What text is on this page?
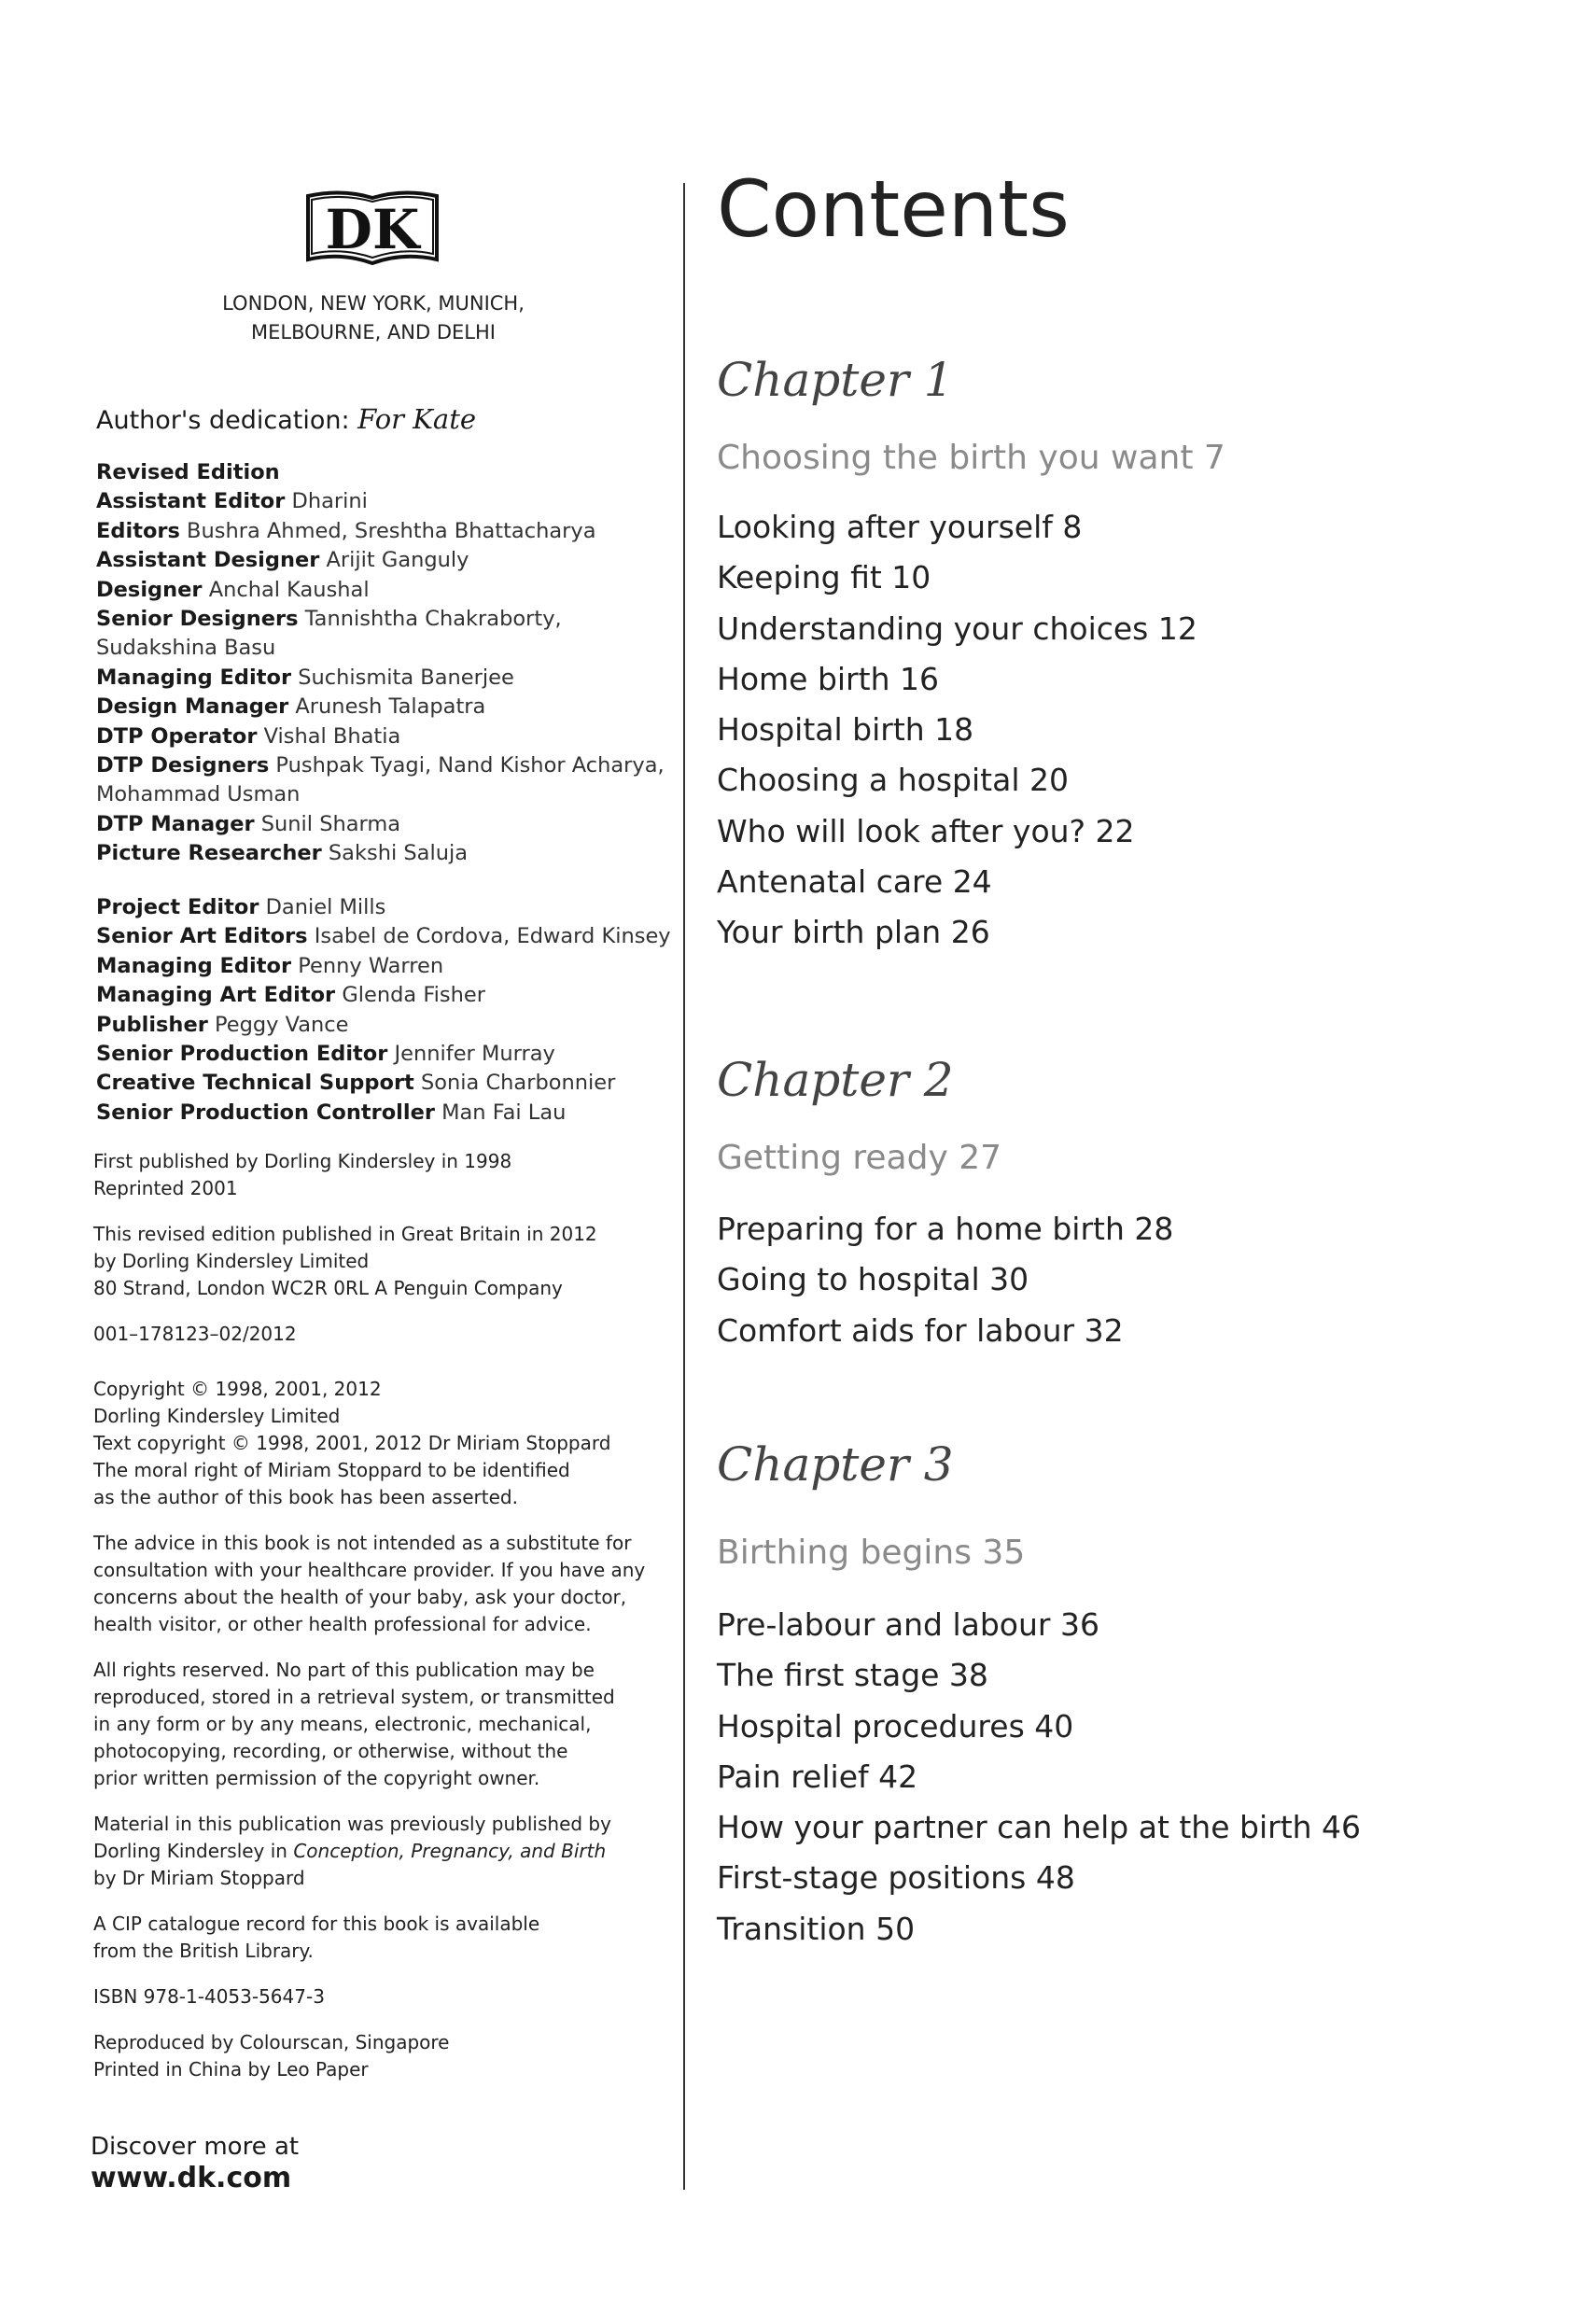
DK
LONDON, NEW YORK, MUNICH,
MELBOURNE, AND DELHI
Author's dedication: For Kate
Revised Edition
Assistant Editor Dharini
Editors Bushra Ahmed, Sreshtha Bhattacharya
Assistant Designer Arijit Ganguly
Designer Anchal Kaushal
Senior Designers Tannishtha Chakraborty,
Sudakshina Basu
Managing Editor Suchismita Banerjee
Design Manager Arunesh Talapatra
DTP Operator Vishal Bhatia
DTP Designers Pushpak Tyagi, Nand Kishor Acharya,
Mohammad Usman
DTP Manager Sunil Sharma
Picture Researcher Sakshi Saluja
Project Editor Daniel Mills
Senior Art Editors Isabel de Cordova, Edward Kinsey
Managing Editor Penny Warren
Managing Art Editor Glenda Fisher
Publisher Peggy Vance
Senior Production Editor Jennifer Murray
Creative Technical Support Sonia Charbonnier
Senior Production Controller Man Fai Lau

First published by Dorling Kindersley in 1998
Reprinted 2001

This revised edition published in Great Britain in 2012
by Dorling Kindersley Limited
80 Strand, London WC2R 0RL A Penguin Company

001–178123–02/2012

Copyright © 1998, 2001, 2012
Dorling Kindersley Limited
Text copyright © 1998, 2001, 2012 Dr Miriam Stoppard
The moral right of Miriam Stoppard to be identified
as the author of this book has been asserted.

The advice in this book is not intended as a substitute for
consultation with your healthcare provider. If you have any
concerns about the health of your baby, ask your doctor,
health visitor, or other health professional for advice.

All rights reserved. No part of this publication may be
reproduced, stored in a retrieval system, or transmitted
in any form or by any means, electronic, mechanical,
photocopying, recording, or otherwise, without the
prior written permission of the copyright owner.

Material in this publication was previously published by
Dorling Kindersley in Conception, Pregnancy, and Birth
by Dr Miriam Stoppard

A CIP catalogue record for this book is available
from the British Library.

ISBN 978-1-4053-5647-3

Reproduced by Colourscan, Singapore
Printed in China by Leo Paper

Discover more at
www.dk.com
Contents
Chapter 1
Choosing the birth you want 7
Looking after yourself 8
Keeping fit 10
Understanding your choices 12
Home birth 16
Hospital birth 18
Choosing a hospital 20
Who will look after you? 22
Antenatal care 24
Your birth plan 26
Chapter 2
Getting ready 27
Preparing for a home birth 28
Going to hospital 30
Comfort aids for labour 32
Chapter 3
Birthing begins 35
Pre-labour and labour 36
The first stage 38
Hospital procedures 40
Pain relief 42
How your partner can help at the birth 46
First-stage positions 48
Transition 50
